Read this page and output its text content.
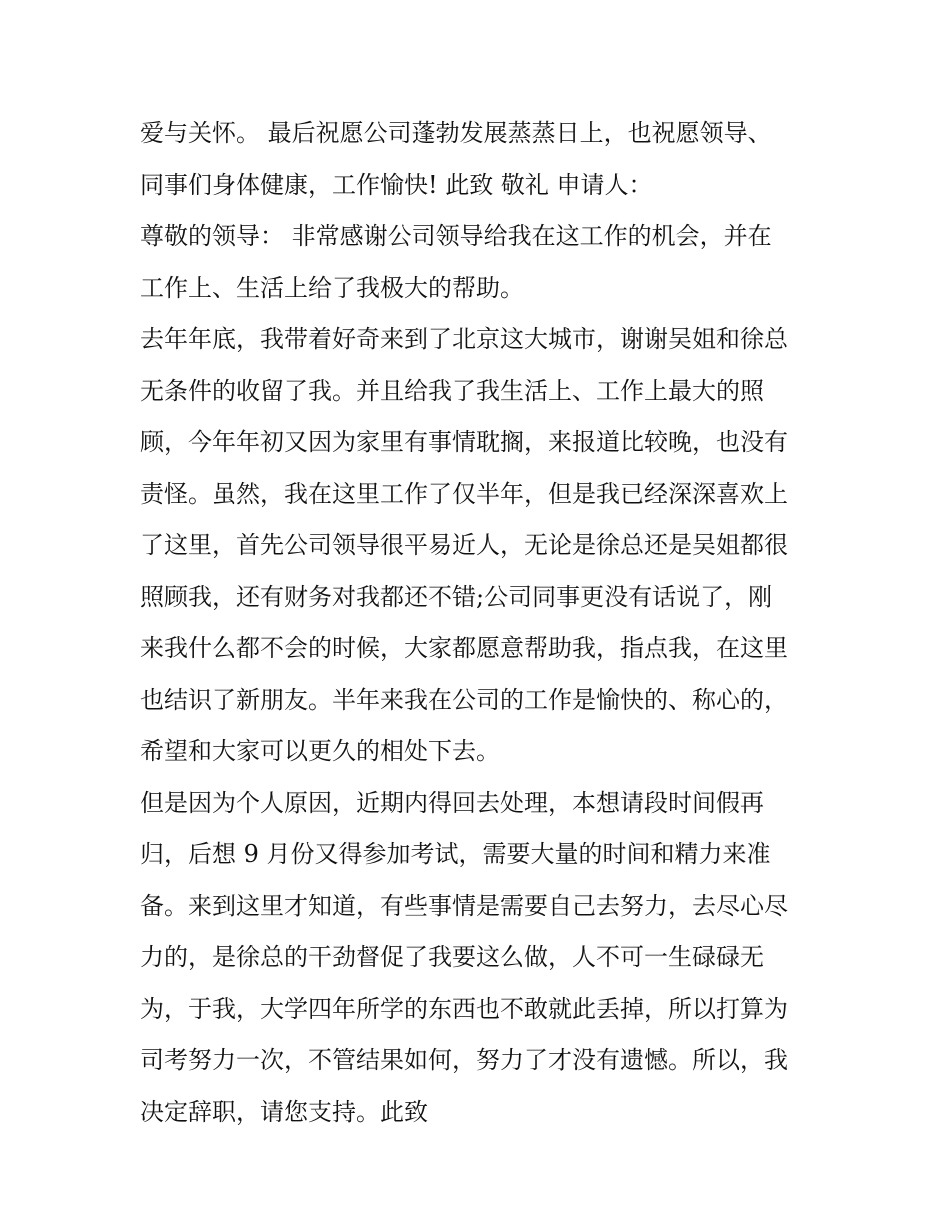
爱与关怀。 最后祝愿公司蓬勃发展蒸蒸日上，也祝愿领导、
同事们身体健康，工作愉快! 此致 敬礼 申请人：
尊敬的领导： 非常感谢公司领导给我在这工作的机会，并在
工作上、生活上给了我极大的帮助。
去年年底，我带着好奇来到了北京这大城市，谢谢吴姐和徐总
无条件的收留了我。并且给我了我生活上、工作上最大的照
顾，今年年初又因为家里有事情耽搁，来报道比较晚，也没有
责怪。虽然，我在这里工作了仅半年，但是我已经深深喜欢上
了这里，首先公司领导很平易近人，无论是徐总还是吴姐都很
照顾我，还有财务对我都还不错;公司同事更没有话说了，刚
来我什么都不会的时候，大家都愿意帮助我，指点我，在这里
也结识了新朋友。半年来我在公司的工作是愉快的、称心的，
希望和大家可以更久的相处下去。
但是因为个人原因，近期内得回去处理，本想请段时间假再
归，后想 9 月份又得参加考试，需要大量的时间和精力来准
备。来到这里才知道，有些事情是需要自己去努力，去尽心尽
力的，是徐总的干劲督促了我要这么做，人不可一生碌碌无
为，于我，大学四年所学的东西也不敢就此丢掉，所以打算为
司考努力一次，不管结果如何，努力了才没有遗憾。所以，我
决定辞职，请您支持。此致
